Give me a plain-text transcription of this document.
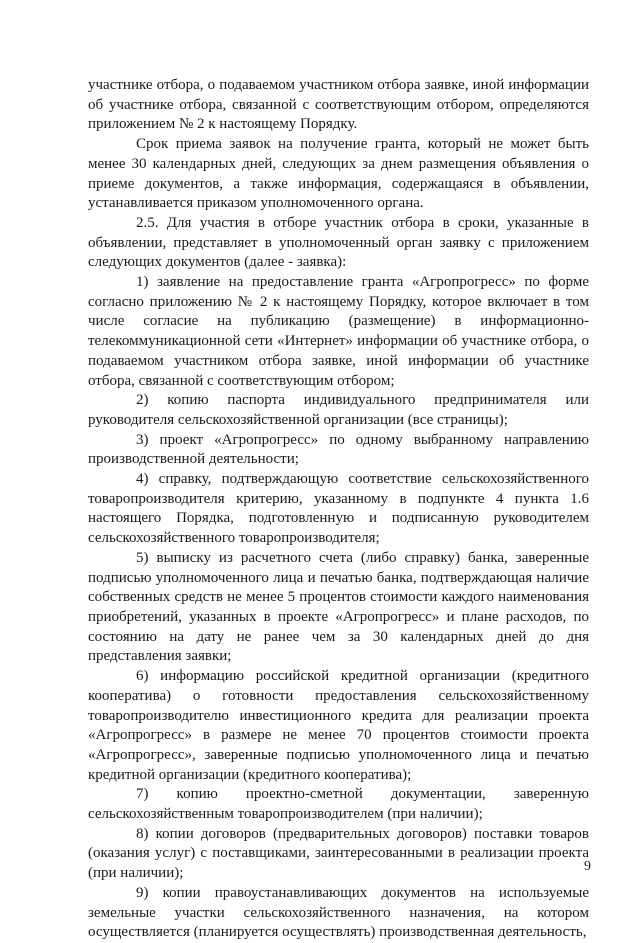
участнике отбора, о подаваемом участником отбора заявке, иной информации об участнике отбора, связанной с соответствующим отбором, определяются приложением № 2 к настоящему Порядку.

Срок приема заявок на получение гранта, который не может быть менее 30 календарных дней, следующих за днем размещения объявления о приеме документов, а также информация, содержащаяся в объявлении, устанавливается приказом уполномоченного органа.

2.5. Для участия в отборе участник отбора в сроки, указанные в объявлении, представляет в уполномоченный орган заявку с приложением следующих документов (далее - заявка):

1) заявление на предоставление гранта «Агропрогресс» по форме согласно приложению № 2 к настоящему Порядку, которое включает в том числе согласие на публикацию (размещение) в информационно-телекоммуникационной сети «Интернет» информации об участнике отбора, о подаваемом участником отбора заявке, иной информации об участнике отбора, связанной с соответствующим отбором;

2) копию паспорта индивидуального предпринимателя или руководителя сельскохозяйственной организации (все страницы);

3) проект «Агропрогресс» по одному выбранному направлению производственной деятельности;

4) справку, подтверждающую соответствие сельскохозяйственного товаропроизводителя критерию, указанному в подпункте 4 пункта 1.6 настоящего Порядка, подготовленную и подписанную руководителем сельскохозяйственного товаропроизводителя;

5) выписку из расчетного счета (либо справку) банка, заверенные подписью уполномоченного лица и печатью банка, подтверждающая наличие собственных средств не менее 5 процентов стоимости каждого наименования приобретений, указанных в проекте «Агропрогресс» и плане расходов, по состоянию на дату не ранее чем за 30 календарных дней до дня представления заявки;

6) информацию российской кредитной организации (кредитного кооператива) о готовности предоставления сельскохозяйственному товаропроизводителю инвестиционного кредита для реализации проекта «Агропрогресс» в размере не менее 70 процентов стоимости проекта «Агропрогресс», заверенные подписью уполномоченного лица и печатью кредитной организации (кредитного кооператива);

7) копию проектно-сметной документации, заверенную сельскохозяйственным товаропроизводителем (при наличии);

8) копии договоров (предварительных договоров) поставки товаров (оказания услуг) с поставщиками, заинтересованными в реализации проекта (при наличии);

9) копии правоустанавливающих документов на используемые земельные участки сельскохозяйственного назначения, на котором осуществляется (планируется осуществлять) производственная деятельность,

9
